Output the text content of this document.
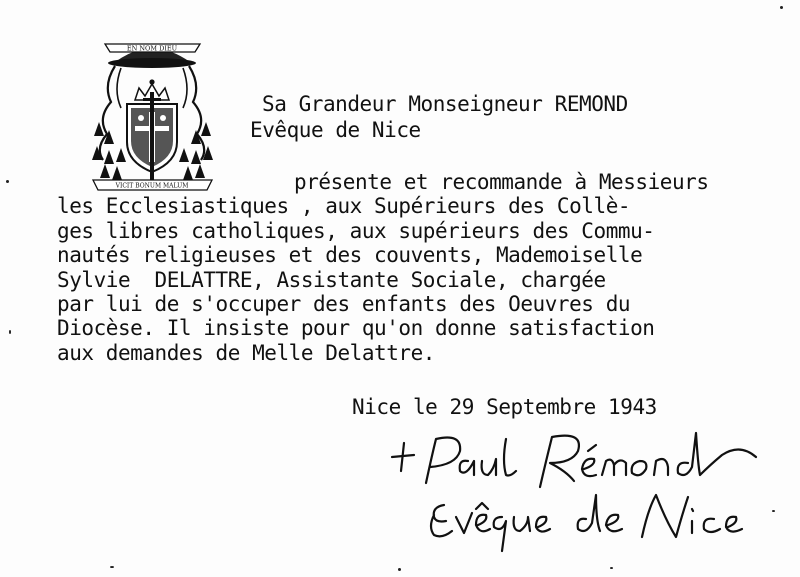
EN NOM DIEU
VICIT BONUM MALUM
Sa Grandeur Monseigneur REMOND
Evêque de Nice
présente et recommande à Messieurs
les Ecclesiastiques , aux Supérieurs des Collè-
ges libres catholiques, aux supérieurs des Commu-
nautés religieuses et des couvents, Mademoiselle
Sylvie  DELATTRE, Assistante Sociale, chargée
par lui de s'occuper des enfants des Oeuvres du
Diocèse. Il insiste pour qu'on donne satisfaction
aux demandes de Melle Delattre.
Nice le 29 Septembre 1943
